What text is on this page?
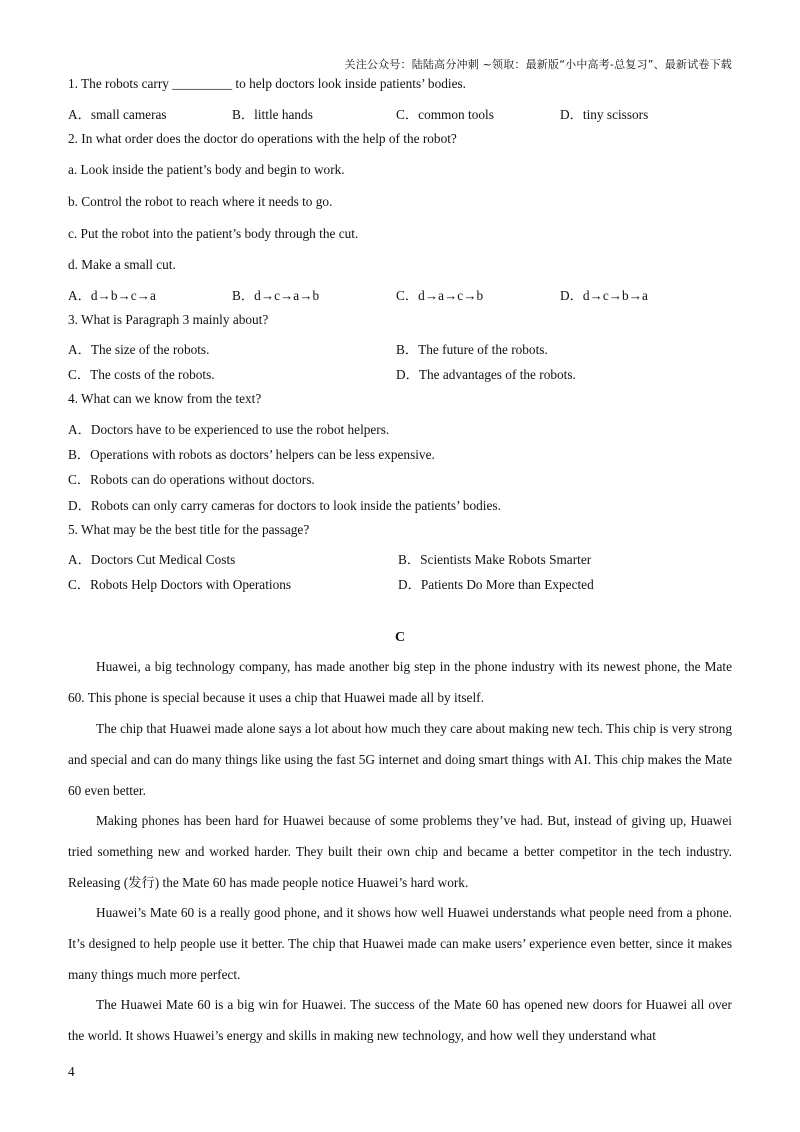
关注公众号：陆陆高分冲刺 ~领取：最新版“小中高考-总复习”、最新试卷下载
1. The robots carry _________ to help doctors look inside patients’ bodies.
A．small cameras	B．little hands	C．common tools	D．tiny scissors
2. In what order does the doctor do operations with the help of the robot?
a. Look inside the patient’s body and begin to work.
b. Control the robot to reach where it needs to go.
c. Put the robot into the patient’s body through the cut.
d. Make a small cut.
A．d→b→c→a	B．d→c→a→b	C．d→a→c→b	D．d→c→b→a
3. What is Paragraph 3 mainly about?
A．The size of the robots.	B．The future of the robots.
C．The costs of the robots.	D．The advantages of the robots.
4. What can we know from the text?
A．Doctors have to be experienced to use the robot helpers.
B．Operations with robots as doctors’ helpers can be less expensive.
C．Robots can do operations without doctors.
D．Robots can only carry cameras for doctors to look inside the patients’ bodies.
5. What may be the best title for the passage?
A．Doctors Cut Medical Costs	B．Scientists Make Robots Smarter
C．Robots Help Doctors with Operations	D．Patients Do More than Expected
C

Huawei, a big technology company, has made another big step in the phone industry with its newest phone, the Mate 60. This phone is special because it uses a chip that Huawei made all by itself.

The chip that Huawei made alone says a lot about how much they care about making new tech. This chip is very strong and special and can do many things like using the fast 5G internet and doing smart things with AI. This chip makes the Mate 60 even better.

Making phones has been hard for Huawei because of some problems they’ve had. But, instead of giving up, Huawei tried something new and worked harder. They built their own chip and became a better competitor in the tech industry. Releasing (发行) the Mate 60 has made people notice Huawei’s hard work.

Huawei’s Mate 60 is a really good phone, and it shows how well Huawei understands what people need from a phone. It’s designed to help people use it better. The chip that Huawei made can make users’ experience even better, since it makes many things much more perfect.

The Huawei Mate 60 is a big win for Huawei. The success of the Mate 60 has opened new doors for Huawei all over the world. It shows Huawei’s energy and skills in making new technology, and how well they understand what

4
